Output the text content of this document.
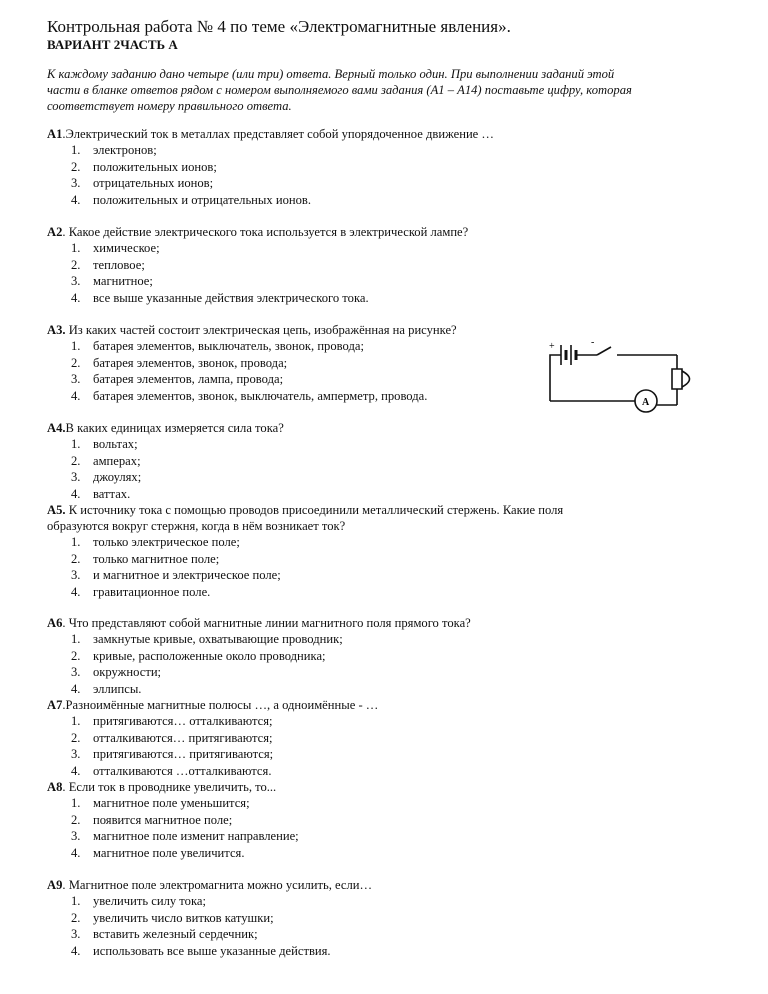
Контрольная работа № 4 по теме «Электромагнитные явления».
ВАРИАНТ 2ЧАСТЬ А
К каждому заданию дано четыре (или три) ответа. Верный только один. При выполнении заданий этой
части в бланке ответов рядом с номером выполняемого вами задания (А1 – А14) поставьте цифру, которая
соответствует номеру правильного ответа.
А1.Электрический ток в металлах представляет собой упорядоченное движение …
1. электронов;
2. положительных ионов;
3. отрицательных ионов;
4. положительных и отрицательных ионов.
А2. Какое действие электрического тока используется в электрической лампе?
1. химическое;
2. тепловое;
3. магнитное;
4. все выше указанные действия электрического тока.
А3. Из каких частей состоит электрическая цепь, изображённая на рисунке?
1. батарея элементов, выключатель, звонок, провода;
2. батарея элементов, звонок, провода;
3. батарея элементов, лампа, провода;
4. батарея элементов, звонок, выключатель, амперметр, провода.
+	-
A
А4.В каких единицах измеряется сила тока?
1. вольтах;
2. амперах;
3. джоулях;
4. ваттах.
А5. К источнику тока с помощью проводов присоединили металлический стержень. Какие поля
образуются вокруг стержня, когда в нём возникает ток?
1. только электрическое поле;
2. только магнитное поле;
3. и магнитное и электрическое поле;
4. гравитационное поле.
А6. Что представляют собой магнитные линии магнитного поля прямого тока?
1. замкнутые кривые, охватывающие проводник;
2. кривые, расположенные около проводника;
3. окружности;
4. эллипсы.
А7.Разноимённые магнитные полюсы …, а одноимённые - …
1. притягиваются… отталкиваются;
2. отталкиваются… притягиваются;
3. притягиваются… притягиваются;
4. отталкиваются …отталкиваются.
А8. Если ток в проводнике увеличить, то...
1. магнитное поле уменьшится;
2. появится магнитное поле;
3. магнитное поле изменит направление;
4. магнитное поле увеличится.
А9. Магнитное поле электромагнита можно усилить, если…
1. увеличить силу тока;
2. увеличить число витков катушки;
3. вставить железный сердечник;
4. использовать все выше указанные действия.
